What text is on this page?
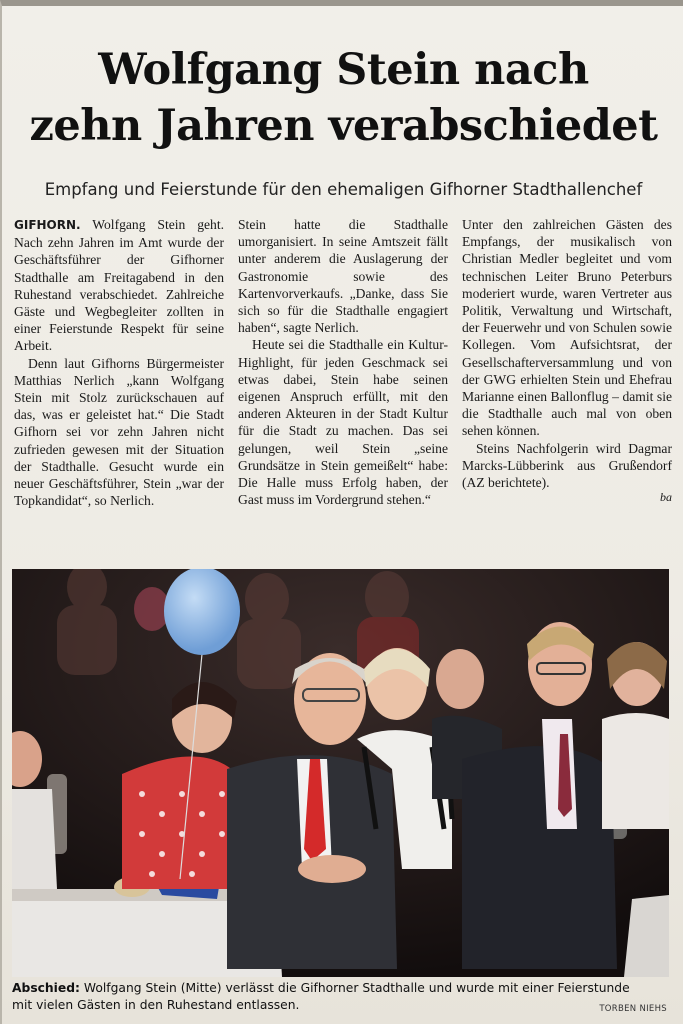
Wolfgang Stein nach
zehn Jahren verabschiedet
Empfang und Feierstunde für den ehemaligen Gifhorner Stadthallenchef

GIFHORN. Wolfgang Stein geht. Nach zehn Jahren im Amt wurde der Geschäftsführer der Gifhorner Stadthalle am Freitagabend in den Ruhestand verabschiedet. Zahlreiche Gäste und Wegbegleiter zollten in einer Feierstunde Respekt für seine Arbeit.

Denn laut Gifhorns Bürgermeister Matthias Nerlich „kann Wolfgang Stein mit Stolz zurückschauen auf das, was er geleistet hat.“ Die Stadt Gifhorn sei vor zehn Jahren nicht zufrieden gewesen mit der Situation der Stadthalle. Gesucht wurde ein neuer Geschäftsführer, Stein „war der Topkandidat“, so Nerlich.

Stein hatte die Stadthalle umorganisiert. In seine Amtszeit fällt unter anderem die Auslagerung der Gastronomie sowie des Kartenvorverkaufs. „Danke, dass Sie sich so für die Stadthalle engagiert haben“, sagte Nerlich.

Heute sei die Stadthalle ein Kultur-Highlight, für jeden Geschmack sei etwas dabei, Stein habe seinen eigenen Anspruch erfüllt, mit den anderen Akteuren in der Stadt Kultur für die Stadt zu machen. Das sei gelungen, weil Stein „seine Grundsätze in Stein gemeißelt“ habe: Die Halle muss Erfolg haben, der Gast muss im Vordergrund stehen.“

Unter den zahlreichen Gästen des Empfangs, der musikalisch von Christian Medler begleitet und vom technischen Leiter Bruno Peterburs moderiert wurde, waren Vertreter aus Politik, Verwaltung und Wirtschaft, der Feuerwehr und von Schulen sowie Kollegen. Vom Aufsichtsrat, der Gesellschafterversammlung und von der GWG erhielten Stein und Ehefrau Marianne einen Ballonflug – damit sie die Stadthalle auch mal von oben sehen können.

Steins Nachfolgerin wird Dagmar Marcks-Lübberink aus Grußendorf (AZ berichtete).

ba
Abschied: Wolfgang Stein (Mitte) verlässt die Gifhorner Stadthalle und wurde mit einer Feierstunde mit vielen Gästen in den Ruhestand entlassen.	TORBEN NIEHS
